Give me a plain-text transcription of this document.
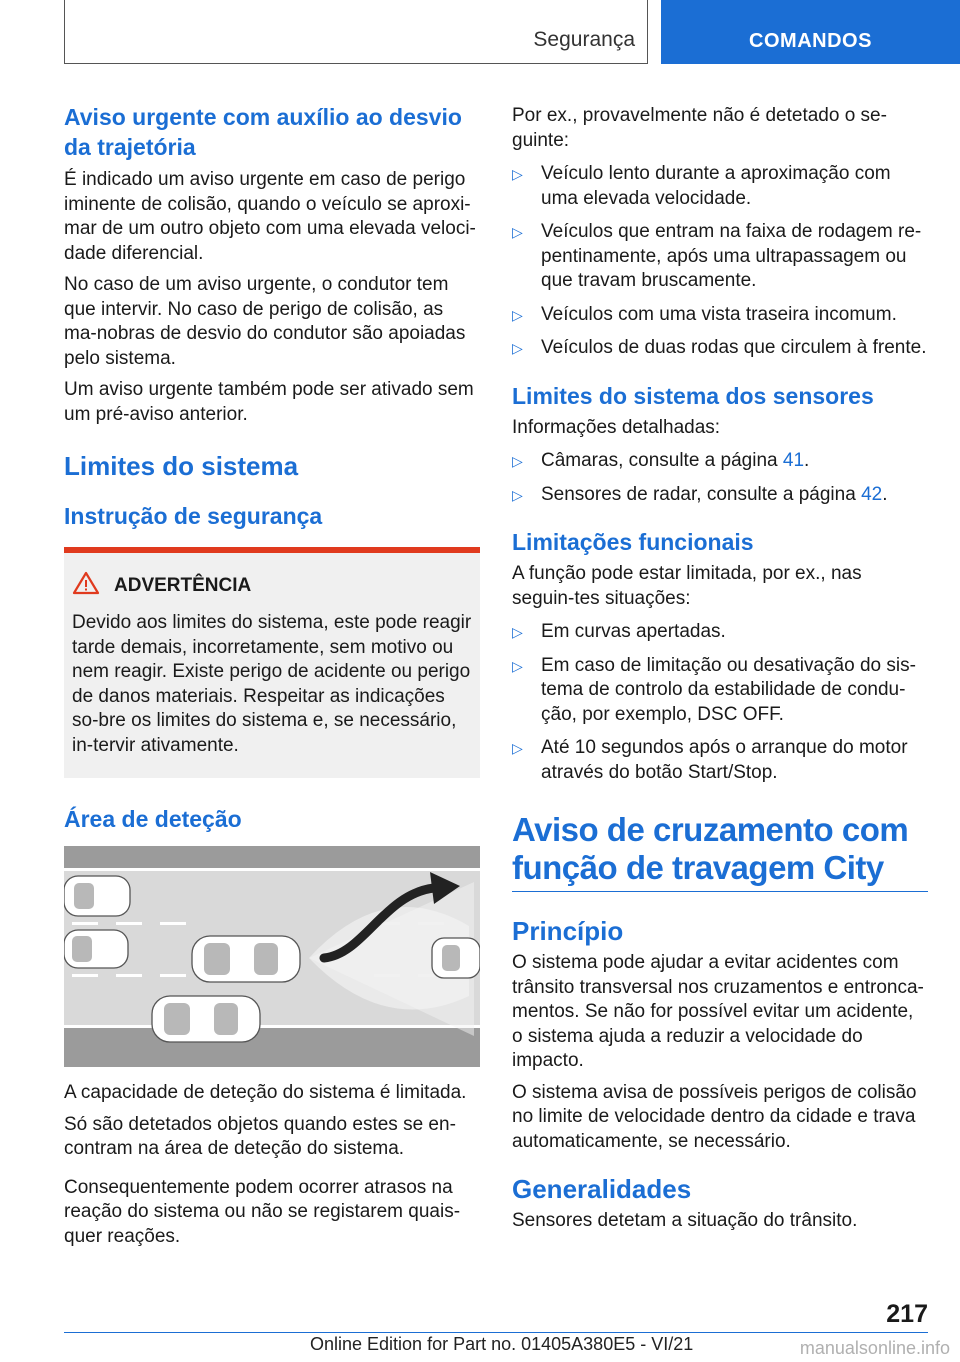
Segurança	COMANDOS
Aviso urgente com auxílio ao desvio da trajetória

É indicado um aviso urgente em caso de perigo iminente de colisão, quando o veículo se aproxi-mar de um outro objeto com uma elevada veloci-dade diferencial.

No caso de um aviso urgente, o condutor tem que intervir. No caso de perigo de colisão, as ma-nobras de desvio do condutor são apoiadas pelo sistema.

Um aviso urgente também pode ser ativado sem um pré-aviso anterior.

Limites do sistema
Instrução de segurança
ADVERTÊNCIA

Devido aos limites do sistema, este pode reagir tarde demais, incorretamente, sem motivo ou nem reagir. Existe perigo de acidente ou perigo de danos materiais. Respeitar as indicações so-bre os limites do sistema e, se necessário, in-tervir ativamente.

Área de deteção

A capacidade de deteção do sistema é limitada.

Só são detetados objetos quando estes se en-contram na área de deteção do sistema.

Consequentemente podem ocorrer atrasos na reação do sistema ou não se registarem quais-quer reações.

Por ex., provavelmente não é detetado o se-guinte:

▷ Veículo lento durante a aproximação com uma elevada velocidade.
▷ Veículos que entram na faixa de rodagem re-pentinamente, após uma ultrapassagem ou que travam bruscamente.
▷ Veículos com uma vista traseira incomum.
▷ Veículos de duas rodas que circulem à frente.
Limites do sistema dos sensores

Informações detalhadas:

▷ Câmaras, consulte a página 41.
▷ Sensores de radar, consulte a página 42.
Limitações funcionais

A função pode estar limitada, por ex., nas seguin-tes situações:

▷ Em curvas apertadas.
▷ Em caso de limitação ou desativação do sis-tema de controlo da estabilidade de condu-ção, por exemplo, DSC OFF.
▷ Até 10 segundos após o arranque do motor através do botão Start/Stop.
Aviso de cruzamento com função de travagem City
Princípio

O sistema pode ajudar a evitar acidentes com trânsito transversal nos cruzamentos e entronca-mentos. Se não for possível evitar um acidente, o sistema ajuda a reduzir a velocidade do impacto.

O sistema avisa de possíveis perigos de colisão no limite de velocidade dentro da cidade e trava automaticamente, se necessário.

Generalidades

Sensores detetam a situação do trânsito.

217
Online Edition for Part no. 01405A380E5 - VI/21	manualsonline.info
